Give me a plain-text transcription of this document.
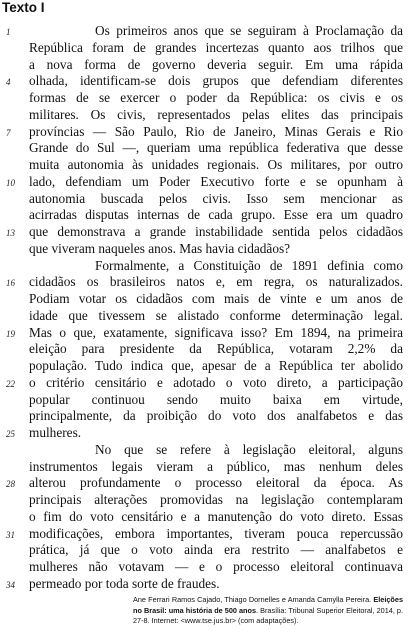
Texto I
1	Os primeiros anos que se seguiram à Proclamação da
República foram de grandes incertezas quanto aos trilhos que
a nova forma de governo deveria seguir. Em uma rápida
4	olhada, identificam-se dois grupos que defendiam diferentes
formas de se exercer o poder da República: os civis e os
militares. Os civis, representados pelas elites das principais
7	províncias — São Paulo, Rio de Janeiro, Minas Gerais e Rio
Grande do Sul —, queriam uma república federativa que desse
muita autonomia às unidades regionais. Os militares, por outro
10	lado, defendiam um Poder Executivo forte e se opunham à
autonomia buscada pelos civis. Isso sem mencionar as
acirradas disputas internas de cada grupo. Esse era um quadro
13	que demonstrava a grande instabilidade sentida pelos cidadãos
que viveram naqueles anos. Mas havia cidadãos?
Formalmente, a Constituição de 1891 definia como
16	cidadãos os brasileiros natos e, em regra, os naturalizados.
Podiam votar os cidadãos com mais de vinte e um anos de
idade que tivessem se alistado conforme determinação legal.
19	Mas o que, exatamente, significava isso? Em 1894, na primeira
eleição para presidente da República, votaram 2,2% da
população. Tudo indica que, apesar de a República ter abolido
22	o critério censitário e adotado o voto direto, a participação
popular continuou sendo muito baixa em virtude,
principalmente, da proibição do voto dos analfabetos e das
25	mulheres.
No que se refere à legislação eleitoral, alguns
instrumentos legais vieram a público, mas nenhum deles
28	alterou profundamente o processo eleitoral da época. As
principais alterações promovidas na legislação contemplaram
o fim do voto censitário e a manutenção do voto direto. Essas
31	modificações, embora importantes, tiveram pouca repercussão
prática, já que o voto ainda era restrito — analfabetos e
mulheres não votavam — e o processo eleitoral continuava
34	permeado por toda sorte de fraudes.
Ane Ferrari Ramos Cajado, Thiago Dornelles e Amanda Camylla Pereira. Eleições no Brasil: uma história de 500 anos. Brasília: Tribunal Superior Eleitoral, 2014, p. 27-8. Internet: <www.tse.jus.br> (com adaptações).
